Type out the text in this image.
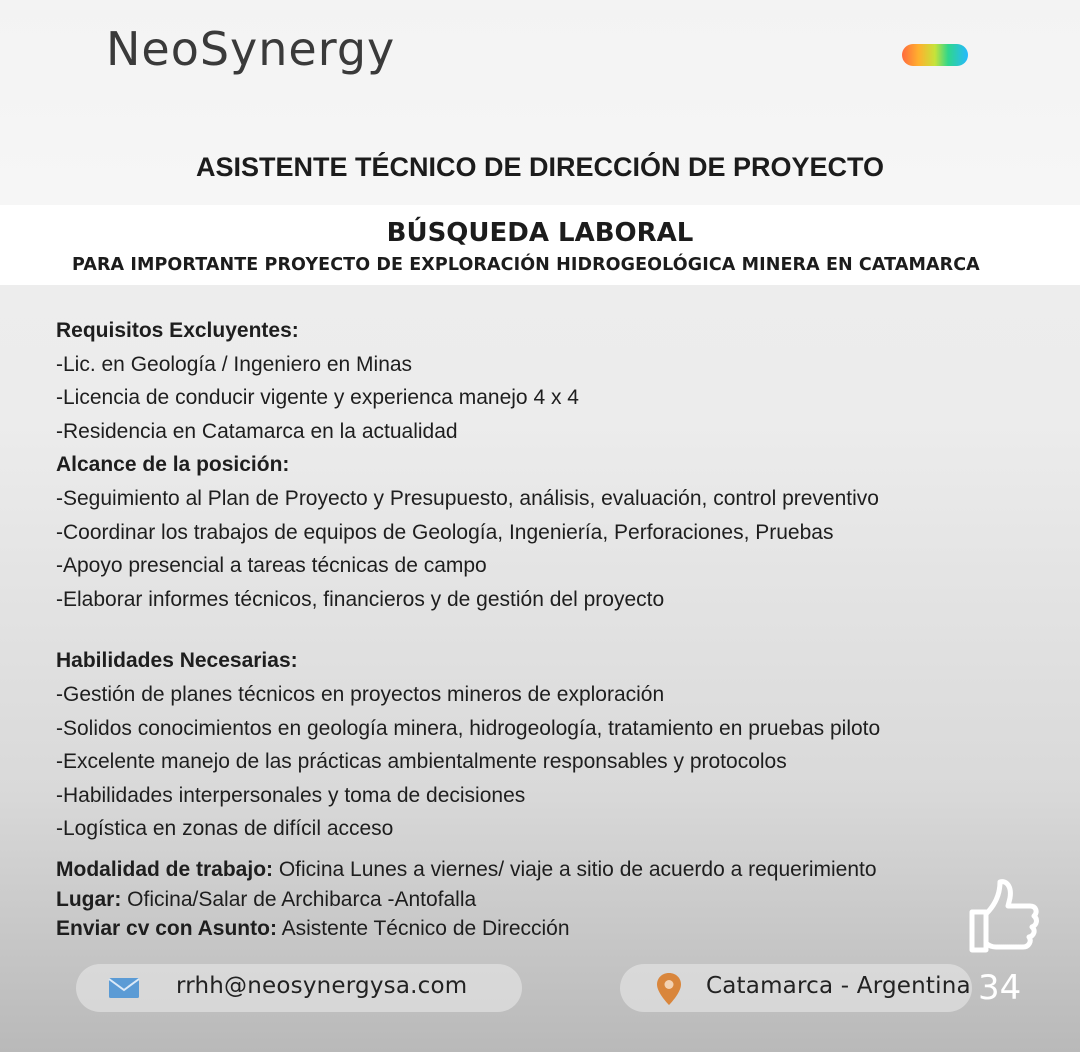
NeoSynergy
ASISTENTE TÉCNICO DE DIRECCIÓN DE PROYECTO
BÚSQUEDA LABORAL
PARA IMPORTANTE PROYECTO DE EXPLORACIÓN HIDROGEOLÓGICA MINERA EN CATAMARCA
Requisitos Excluyentes:
-Lic. en Geología / Ingeniero en Minas
-Licencia de conducir vigente y experienca manejo 4 x 4
-Residencia en Catamarca en la actualidad
Alcance de la posición:
-Seguimiento al Plan de Proyecto y Presupuesto, análisis, evaluación, control preventivo
-Coordinar los trabajos de equipos de Geología, Ingeniería, Perforaciones, Pruebas
-Apoyo presencial a tareas técnicas de campo
-Elaborar informes técnicos, financieros y de gestión del proyecto
Habilidades Necesarias:
-Gestión de planes técnicos en proyectos mineros de exploración
-Solidos conocimientos en geología minera, hidrogeología, tratamiento en pruebas piloto
-Excelente manejo de las prácticas ambientalmente responsables y protocolos
-Habilidades interpersonales y toma de decisiones
-Logística en zonas de difícil acceso
Modalidad de trabajo: Oficina Lunes a viernes/ viaje a sitio de acuerdo a requerimiento
Lugar: Oficina/Salar de Archibarca -Antofalla
Enviar cv con Asunto: Asistente Técnico de Dirección
rrhh@neosynergysa.com	Catamarca - Argentina 34
